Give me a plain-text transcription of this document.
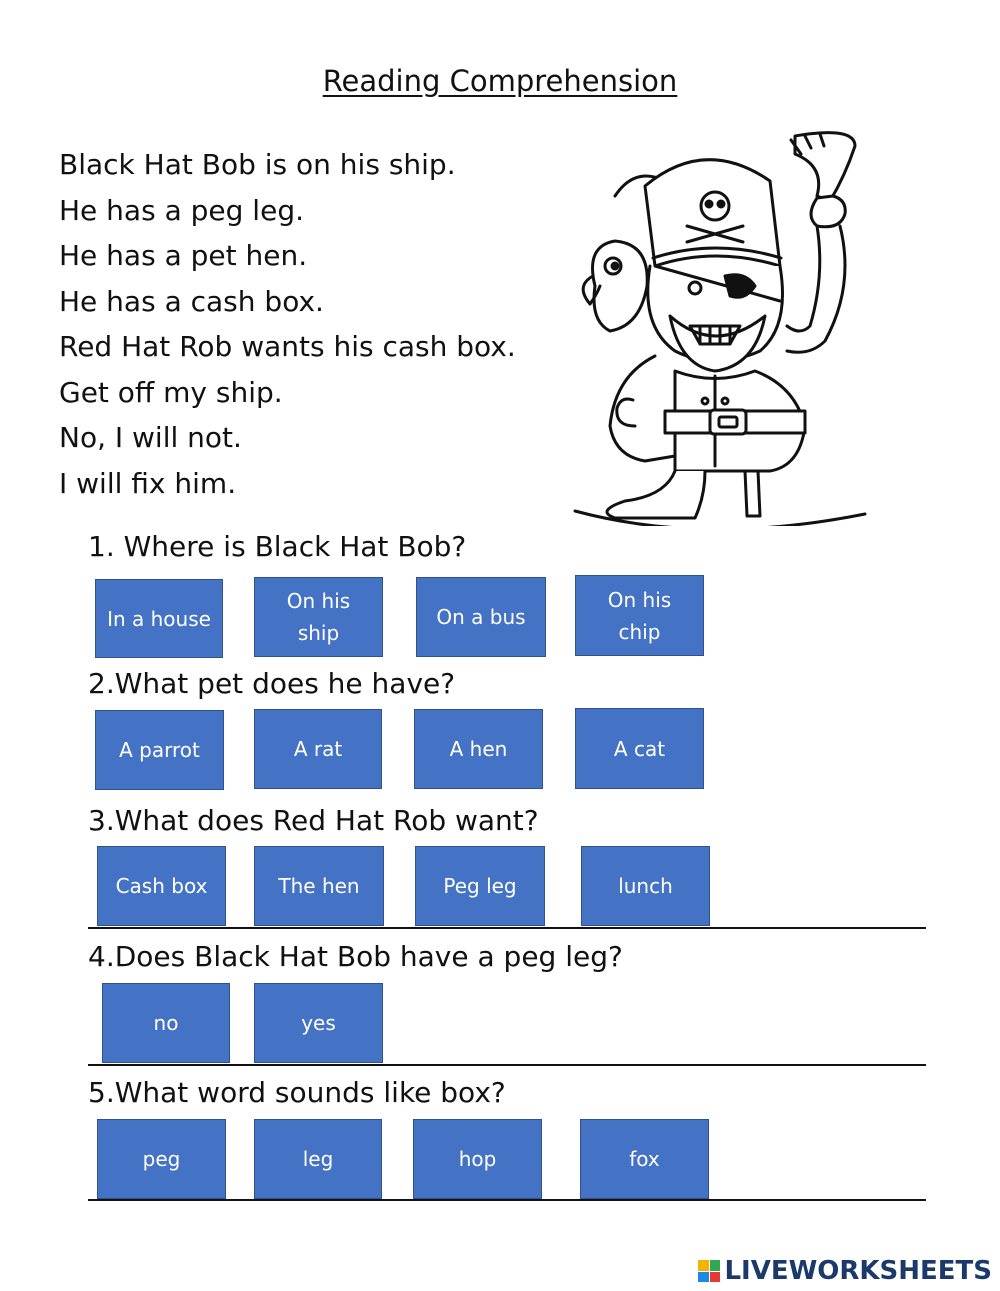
Reading Comprehension
Black Hat Bob is on his ship.
He has a peg leg.
He has a pet hen.
He has a cash box.
Red Hat Rob wants his cash box.
Get off my ship.
No, I will not.
I will fix him.
1. Where is Black Hat Bob?
In a house
On his ship
On a bus
On his chip
2.What pet does he have?
A parrot	A rat	A hen	A cat
3.What does Red Hat Rob want?
Cash box	The hen	Peg leg	lunch
4.Does Black Hat Bob have a peg leg?
no	yes
5.What word sounds like box?
peg	leg	hop	fox
LIVEWORKSHEETS
